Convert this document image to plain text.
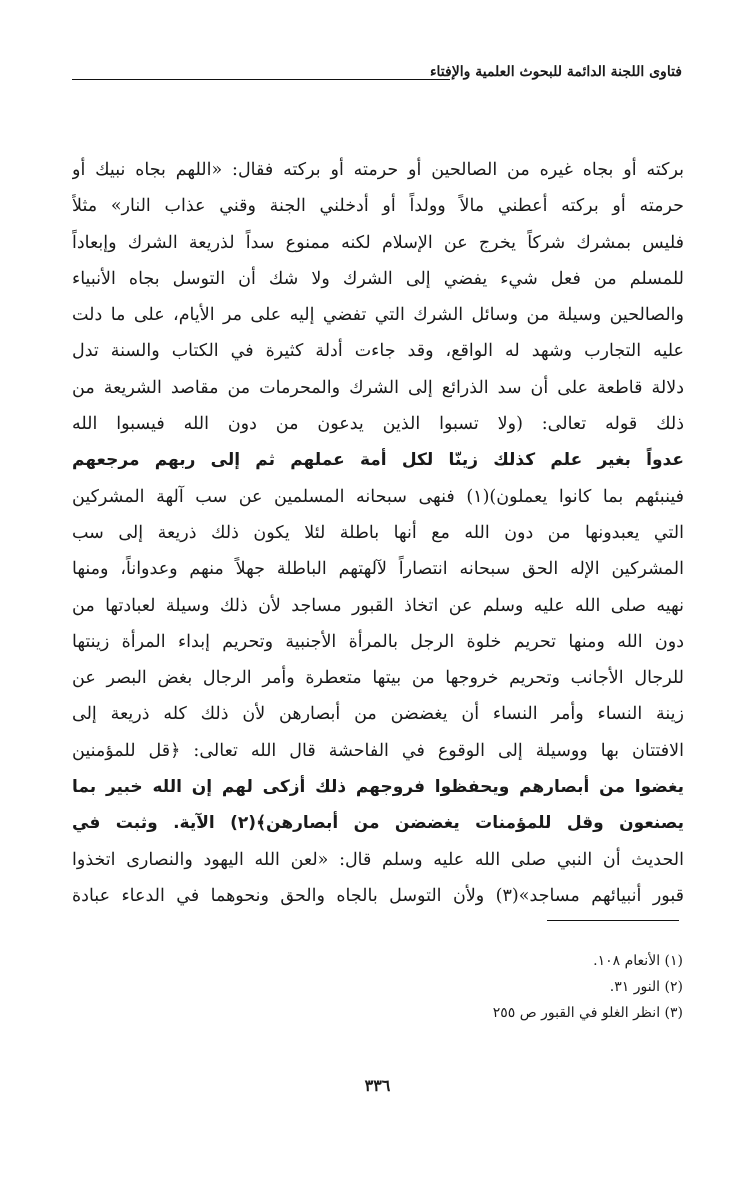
فتاوى اللجنة الدائمة للبحوث العلمية والإفتاء
بركته أو بجاه غيره من الصالحين أو حرمته أو بركته فقال: «اللهم بجاه نبيك أو
حرمته أو بركته أعطني مالاً وولداً أو أدخلني الجنة وقني عذاب النار» مثلاً
فليس بمشرك شركاً يخرج عن الإسلام لكنه ممنوع سداً لذريعة الشرك وإبعاداً
للمسلم من فعل شيء يفضي إلى الشرك ولا شك أن التوسل بجاه الأنبياء
والصالحين وسيلة من وسائل الشرك التي تفضي إليه على مر الأيام، على ما دلت
عليه التجارب وشهد له الواقع، وقد جاءت أدلة كثيرة في الكتاب والسنة تدل
دلالة قاطعة على أن سد الذرائع إلى الشرك والمحرمات من مقاصد الشريعة من
ذلك قوله تعالى: (ولا تسبوا الذين يدعون من دون الله فيسبوا الله
عدواً بغير علم كذلك زينّا لكل أمة عملهم ثم إلى ربهم مرجعهم
فينبئهم بما كانوا يعملون)(١) فنهى سبحانه المسلمين عن سب آلهة المشركين
التي يعبدونها من دون الله مع أنها باطلة لئلا يكون ذلك ذريعة إلى سب
المشركين الإله الحق سبحانه انتصاراً لآلهتهم الباطلة جهلاً منهم وعدواناً، ومنها
نهيه صلى الله عليه وسلم عن اتخاذ القبور مساجد لأن ذلك وسيلة لعبادتها من
دون الله ومنها تحريم خلوة الرجل بالمرأة الأجنبية وتحريم إبداء المرأة زينتها
للرجال الأجانب وتحريم خروجها من بيتها متعطرة وأمر الرجال بغض البصر عن
زينة النساء وأمر النساء أن يغضضن من أبصارهن لأن ذلك كله ذريعة إلى
الافتتان بها ووسيلة إلى الوقوع في الفاحشة قال الله تعالى: ﴿قل للمؤمنين
يغضوا من أبصارهم ويحفظوا فروجهم ذلك أزكى لهم إن الله خبير بما
يصنعون وقل للمؤمنات يغضضن من أبصارهن﴾(٢) الآية. وثبت في
الحديث أن النبي صلى الله عليه وسلم قال: «لعن الله اليهود والنصارى اتخذوا
قبور أنبيائهم مساجد»(٣) ولأن التوسل بالجاه والحق ونحوهما في الدعاء عبادة
(١) الأنعام ١٠٨.
(٢) النور ٣١.
(٣) انظر الغلو في القبور ص ٢٥٥
٣٣٦
